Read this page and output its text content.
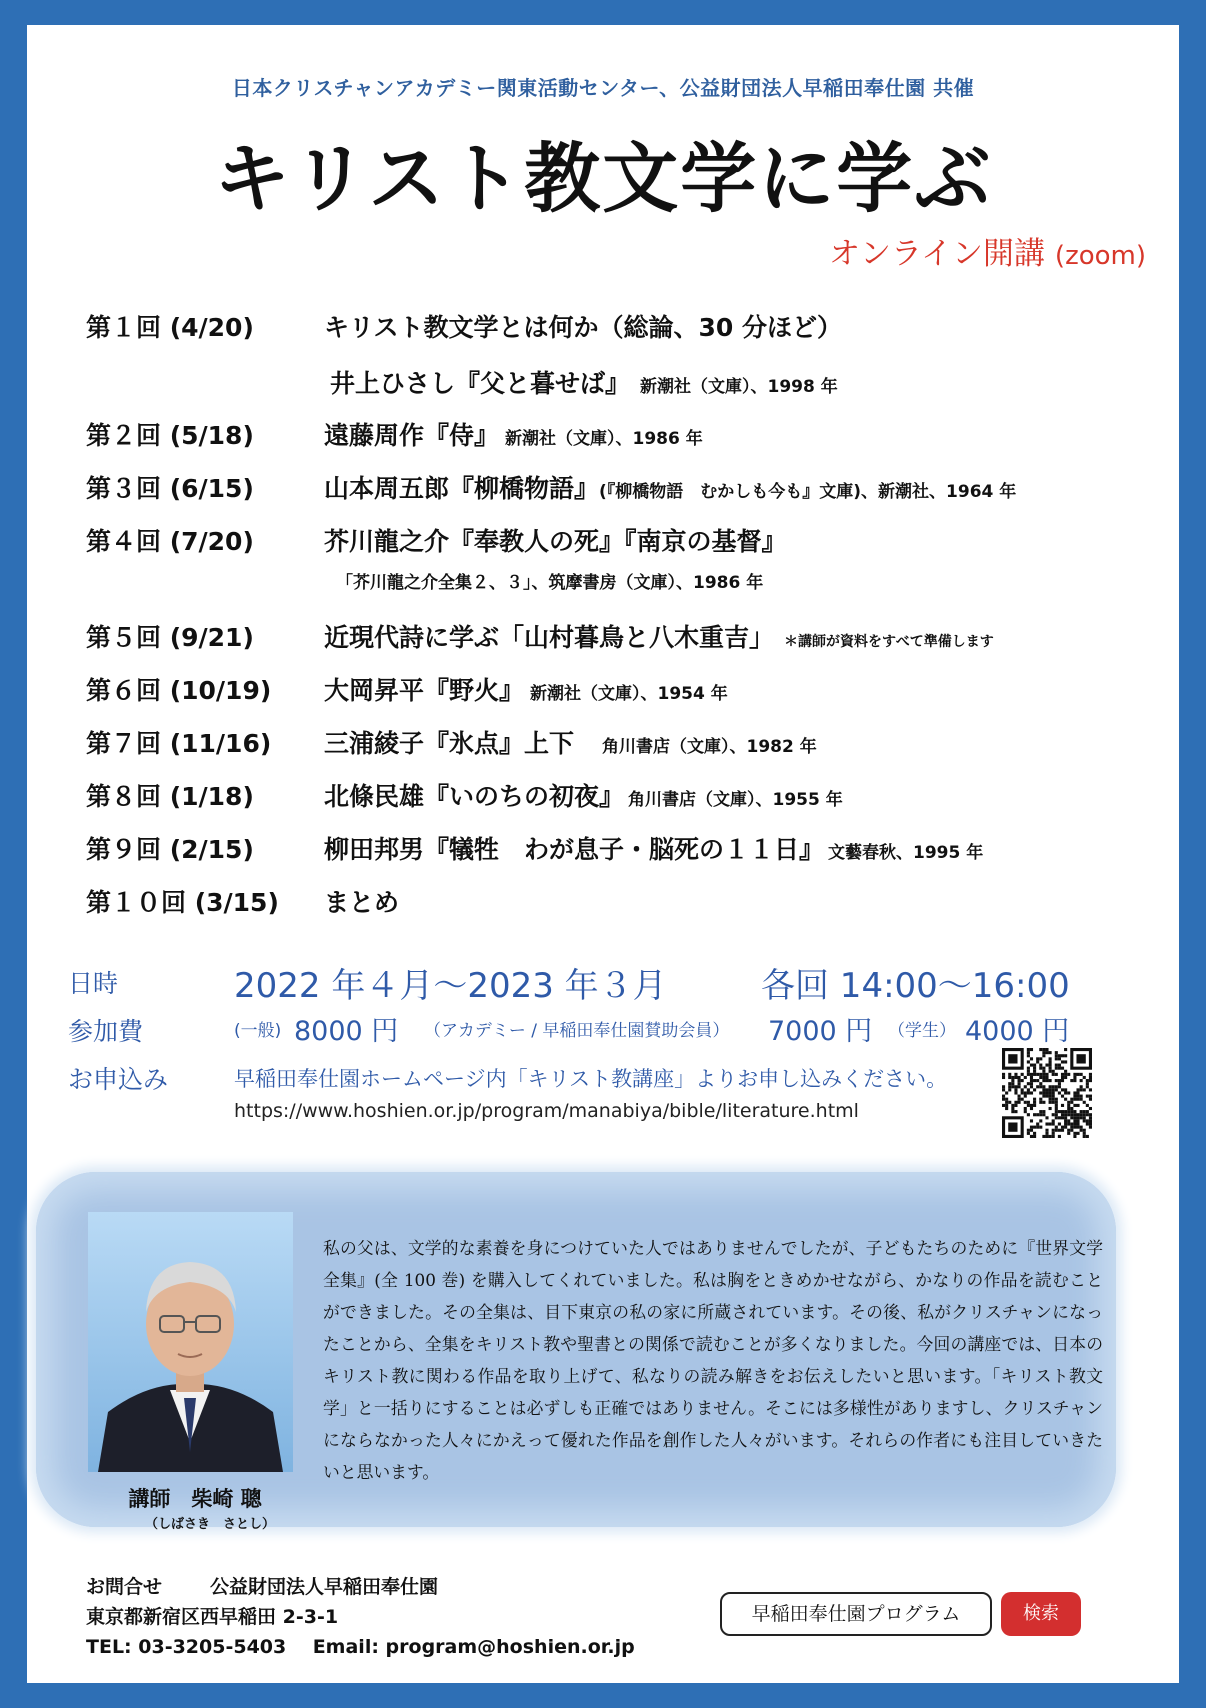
日本クリスチャンアカデミー関東活動センター、公益財団法人早稲田奉仕園 共催
キリスト教文学に学ぶ
オンライン開講 (zoom)
第１回 (4/20)	キリスト教文学とは何か（総論、30 分ほど）
井上ひさし『父と暮せば』 新潮社（文庫）、1998 年
第２回 (5/18)	遠藤周作『侍』 新潮社（文庫）、1986 年
第３回 (6/15)	山本周五郎『柳橋物語』 (『柳橋物語　むかしも今も』文庫)、新潮社、1964 年
第４回 (7/20)	芥川龍之介『奉教人の死』『南京の基督』
「芥川龍之介全集２、３」、筑摩書房（文庫）、1986 年
第５回 (9/21)	近現代詩に学ぶ「山村暮鳥と八木重吉」 ＊講師が資料をすべて準備します
第６回 (10/19)	大岡昇平『野火』 新潮社（文庫）、1954 年
第７回 (11/16)	三浦綾子『氷点』上下 角川書店（文庫）、1982 年
第８回 (1/18)	北條民雄『いのちの初夜』 角川書店（文庫）、1955 年
第９回 (2/15)	柳田邦男『犠牲　わが息子・脳死の１１日』 文藝春秋、1995 年
第１０回 (3/15)	まとめ
日時	2022 年４月～2023 年３月	各回 14:00～16:00
参加費	(一般) 8000 円 （アカデミー / 早稲田奉仕園賛助会員） 7000 円 （学生） 4000 円
お申込み	早稲田奉仕園ホームページ内「キリスト教講座」よりお申し込みください。
https://www.hoshien.or.jp/program/manabiya/bible/literature.html
講師　柴崎 聰
（しばさき　さとし）
私の父は、文学的な素養を身につけていた人ではありませんでしたが、子どもたちのために『世界文学全集』(全 100 巻) を購入してくれていました。私は胸をときめかせながら、かなりの作品を読むことができました。その全集は、目下東京の私の家に所蔵されています。その後、私がクリスチャンになったことから、全集をキリスト教や聖書との関係で読むことが多くなりました。今回の講座では、日本のキリスト教に関わる作品を取り上げて、私なりの読み解きをお伝えしたいと思います。「キリスト教文学」と一括りにすることは必ずしも正確ではありません。そこには多様性がありますし、クリスチャンにならなかった人々にかえって優れた作品を創作した人々がいます。それらの作者にも注目していきたいと思います。
お問合せ	公益財団法人早稲田奉仕園
東京都新宿区西早稲田 2-3-1
TEL: 03-3205-5403 Email: program@hoshien.or.jp
早稲田奉仕園プログラム	検索
